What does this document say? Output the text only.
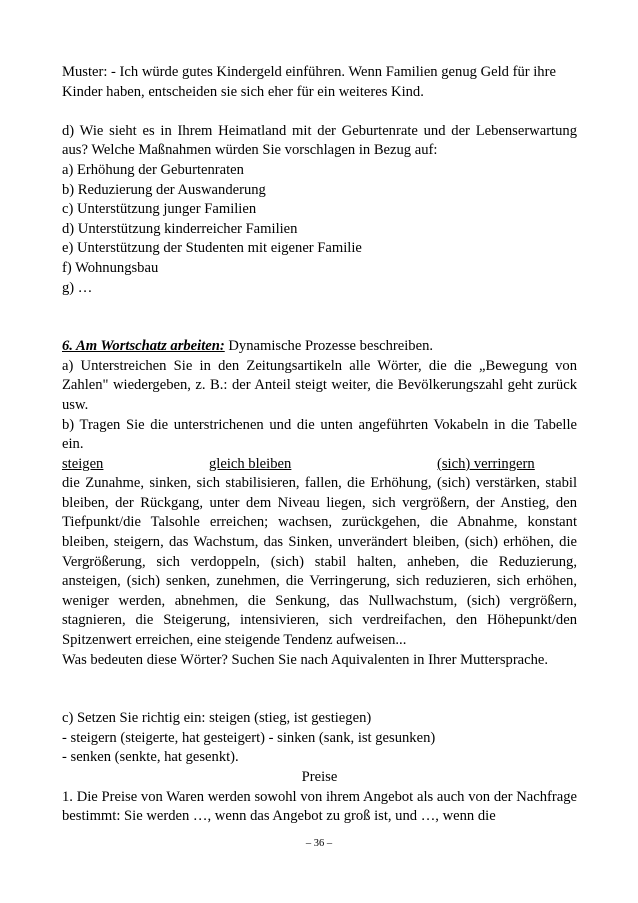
Muster: - Ich würde gutes Kindergeld einführen. Wenn Familien genug Geld für ihre

Kinder haben, entscheiden sie sich eher für ein weiteres Kind.

d) Wie sieht es in Ihrem Heimatland mit der Geburtenrate und der Lebenserwartung aus? Welche Maßnahmen würden Sie vorschlagen in Bezug auf:

a) Erhöhung der Geburtenraten

b) Reduzierung der Auswanderung

c) Unterstützung junger Familien

d) Unterstützung kinderreicher Familien

e) Unterstützung der Studenten mit eigener Familie

f) Wohnungsbau

g) …

6. Am Wortschatz arbeiten: Dynamische Prozesse beschreiben.

a) Unterstreichen Sie in den Zeitungsartikeln alle Wörter, die die „Bewegung von Zahlen" wiedergeben, z. B.: der Anteil steigt weiter, die Bevölkerungszahl geht zurück usw.

b) Tragen Sie die unterstrichenen und die unten angeführten Vokabeln in die Tabelle ein.

steigen	gleich bleiben	(sich) verringern

die Zunahme, sinken, sich stabilisieren, fallen, die Erhöhung, (sich) verstärken, stabil bleiben, der Rückgang, unter dem Niveau liegen, sich vergrößern, der Anstieg, den Tiefpunkt/die Talsohle erreichen; wachsen, zurückgehen, die Abnahme, konstant bleiben, steigern, das Wachstum, das Sinken, unverändert bleiben, (sich) erhöhen, die Vergrößerung, sich verdoppeln, (sich) stabil halten, anheben, die Reduzierung, ansteigen, (sich) senken, zunehmen, die Verringerung, sich reduzieren, sich erhöhen, weniger werden, abnehmen, die Senkung, das Nullwachstum, (sich) vergrößern, stagnieren, die Steigerung, intensivieren, sich verdreifachen, den Höhepunkt/den Spitzenwert erreichen, eine steigende Tendenz aufweisen...

Was bedeuten diese Wörter? Suchen Sie nach Aquivalenten in Ihrer Muttersprache.

c) Setzen Sie richtig ein: steigen (stieg, ist gestiegen)

- steigern (steigerte, hat gesteigert) - sinken (sank, ist gesunken)

- senken (senkte, hat gesenkt).

Preise

1. Die Preise von Waren werden sowohl von ihrem Angebot als auch von der Nachfrage bestimmt: Sie werden …, wenn das Angebot zu groß ist, und …, wenn die

– 36 –
